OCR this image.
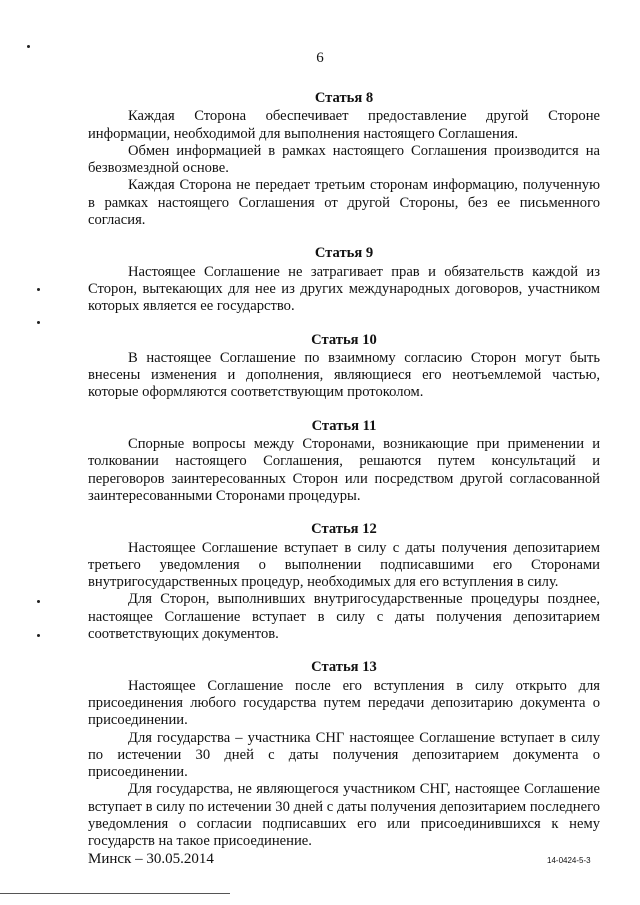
6
Статья 8

Каждая Сторона обеспечивает предоставление другой Стороне информации, необходимой для выполнения настоящего Соглашения.

Обмен информацией в рамках настоящего Соглашения производится на безвозмездной основе.

Каждая Сторона не передает третьим сторонам информацию, полученную в рамках настоящего Соглашения от другой Стороны, без ее письменного согласия.

Статья 9

Настоящее Соглашение не затрагивает прав и обязательств каждой из Сторон, вытекающих для нее из других международных договоров, участником которых является ее государство.

Статья 10

В настоящее Соглашение по взаимному согласию Сторон могут быть внесены изменения и дополнения, являющиеся его неотъемлемой частью, которые оформляются соответствующим протоколом.

Статья 11

Спорные вопросы между Сторонами, возникающие при применении и толковании настоящего Соглашения, решаются путем консультаций и переговоров заинтересованных Сторон или посредством другой согласованной заинтересованными Сторонами процедуры.

Статья 12

Настоящее Соглашение вступает в силу с даты получения депозитарием третьего уведомления о выполнении подписавшими его Сторонами внутригосударственных процедур, необходимых для его вступления в силу.

Для Сторон, выполнивших внутригосударственные процедуры позднее, настоящее Соглашение вступает в силу с даты получения депозитарием соответствующих документов.

Статья 13

Настоящее Соглашение после его вступления в силу открыто для присоединения любого государства путем передачи депозитарию документа о присоединении.

Для государства – участника СНГ настоящее Соглашение вступает в силу по истечении 30 дней с даты получения депозитарием документа о присоединении.

Для государства, не являющегося участником СНГ, настоящее Соглашение вступает в силу по истечении 30 дней с даты получения депозитарием последнего уведомления о согласии подписавших его или присоединившихся к нему государств на такое присоединение.

Минск – 30.05.2014	14-0424-5-3
